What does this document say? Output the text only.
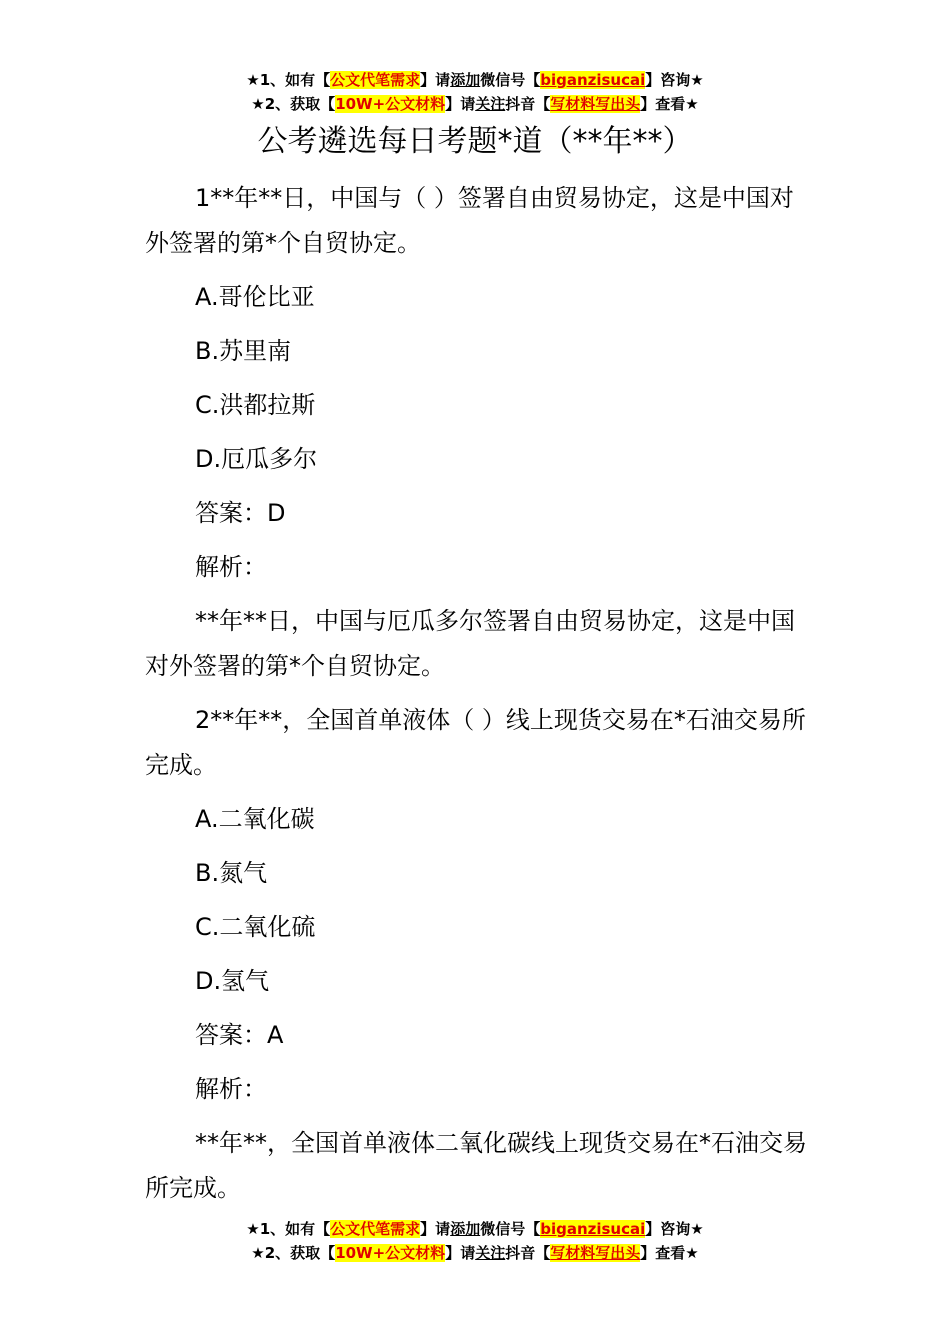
★1、如有【公文代笔需求】请添加微信号【biganzisucai】咨询★
★2、获取【10W+公文材料】请关注抖音【写材料写出头】查看★
公考遴选每日考题*道（**年**）

1**年**日，中国与（ ）签署自由贸易协定，这是中国对外签署的第*个自贸协定。

A.哥伦比亚

B.苏里南

C.洪都拉斯

D.厄瓜多尔

答案：D

解析：

**年**日，中国与厄瓜多尔签署自由贸易协定，这是中国对外签署的第*个自贸协定。

2**年**，全国首单液体（ ）线上现货交易在*石油交易所完成。

A.二氧化碳

B.氮气

C.二氧化硫

D.氢气

答案：A

解析：

**年**，全国首单液体二氧化碳线上现货交易在*石油交易所完成。

★1、如有【公文代笔需求】请添加微信号【biganzisucai】咨询★
★2、获取【10W+公文材料】请关注抖音【写材料写出头】查看★
